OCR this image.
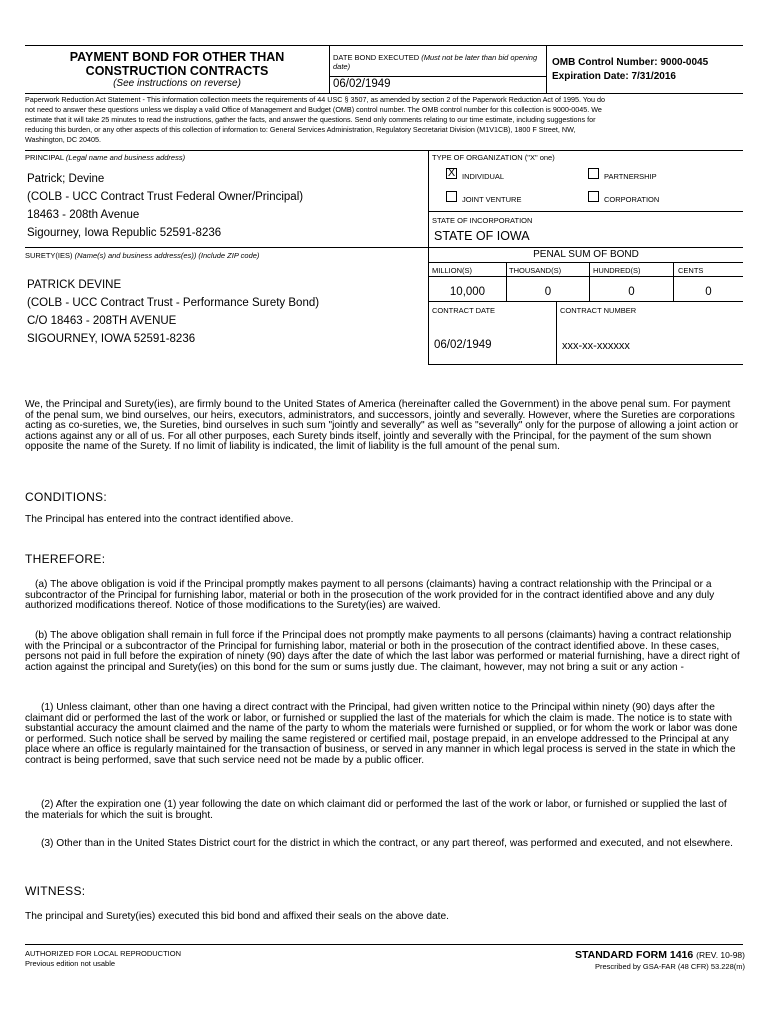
PAYMENT BOND FOR OTHER THAN
CONSTRUCTION CONTRACTS
(See instructions on reverse)
DATE BOND EXECUTED (Must not be later than bid opening date)
06/02/1949
OMB Control Number: 9000-0045
Expiration Date: 7/31/2016
Paperwork Reduction Act Statement - This information collection meets the requirements of 44 USC § 3507, as amended by section 2 of the Paperwork Reduction Act of 1995. You do
not need to answer these questions unless we display a valid Office of Management and Budget (OMB) control number. The OMB control number for this collection is 9000-0045. We
estimate that it will take 25 minutes to read the instructions, gather the facts, and answer the questions. Send only comments relating to our time estimate, including suggestions for
reducing this burden, or any other aspects of this collection of information to: General Services Administration, Regulatory Secretariat Division (M1V1CB), 1800 F Street, NW,
Washington, DC 20405.
PRINCIPAL (Legal name and business address)
Patrick; Devine
(COLB - UCC Contract Trust Federal Owner/Principal)
18463 - 208th Avenue
Sigourney, Iowa Republic 52591-8236
TYPE OF ORGANIZATION ("X" one)
X INDIVIDUAL	PARTNERSHIP
JOINT VENTURE	CORPORATION
STATE OF INCORPORATION
STATE OF IOWA
SURETY(IES) (Name(s) and business address(es)) (Include ZIP code)
PATRICK DEVINE
(COLB - UCC Contract Trust - Performance Surety Bond)
C/O 18463 - 208TH AVENUE
SIGOURNEY, IOWA 52591-8236
PENAL SUM OF BOND
MILLION(S)	THOUSAND(S)	HUNDRED(S)	CENTS
10,000	0	0	0
CONTRACT DATE	CONTRACT NUMBER
06/02/1949	xxx-xx-xxxxxx
We, the Principal and Surety(ies), are firmly bound to the United States of America (hereinafter called the Government) in the above penal sum. For payment of the penal sum, we bind ourselves, our heirs, executors, administrators, and successors, jointly and severally. However, where the Sureties are corporations acting as co-sureties, we, the Sureties, bind ourselves in such sum "jointly and severally" as well as "severally" only for the purpose of allowing a joint action or actions against any or all of us. For all other purposes, each Surety binds itself, jointly and severally with the Principal, for the payment of the sum shown opposite the name of the Surety. If no limit of liability is indicated, the limit of liability is the full amount of the penal sum.
CONDITIONS:
The Principal has entered into the contract identified above.
THEREFORE:
(a) The above obligation is void if the Principal promptly makes payment to all persons (claimants) having a contract relationship with the Principal or a subcontractor of the Principal for furnishing labor, material or both in the prosecution of the work provided for in the contract identified above and any duly authorized modifications thereof. Notice of those modifications to the Surety(ies) are waived.
(b) The above obligation shall remain in full force if the Principal does not promptly make payments to all persons (claimants) having a contract relationship with the Principal or a subcontractor of the Principal for furnishing labor, material or both in the prosecution of the contract identified above. In these cases, persons not paid in full before the expiration of ninety (90) days after the date of which the last labor was performed or material furnishing, have a direct right of action against the principal and Surety(ies) on this bond for the sum or sums justly due. The claimant, however, may not bring a suit or any action -
(1) Unless claimant, other than one having a direct contract with the Principal, had given written notice to the Principal within ninety (90) days after the claimant did or performed the last of the work or labor, or furnished or supplied the last of the materials for which the claim is made. The notice is to state with substantial accuracy the amount claimed and the name of the party to whom the materials were furnished or supplied, or for whom the work or labor was done or performed. Such notice shall be served by mailing the same registered or certified mail, postage prepaid, in an envelope addressed to the Principal at any place where an office is regularly maintained for the transaction of business, or served in any manner in which legal process is served in the state in which the contract is being performed, save that such service need not be made by a public officer.
(2) After the expiration one (1) year following the date on which claimant did or performed the last of the work or labor, or furnished or supplied the last of the materials for which the suit is brought.
(3) Other than in the United States District court for the district in which the contract, or any part thereof, was performed and executed, and not elsewhere.
WITNESS:
The principal and Surety(ies) executed this bid bond and affixed their seals on the above date.
AUTHORIZED FOR LOCAL REPRODUCTION
Previous edition not usable
STANDARD FORM 1416 (REV. 10-98)
Prescribed by GSA-FAR (48 CFR) 53.228(m)
